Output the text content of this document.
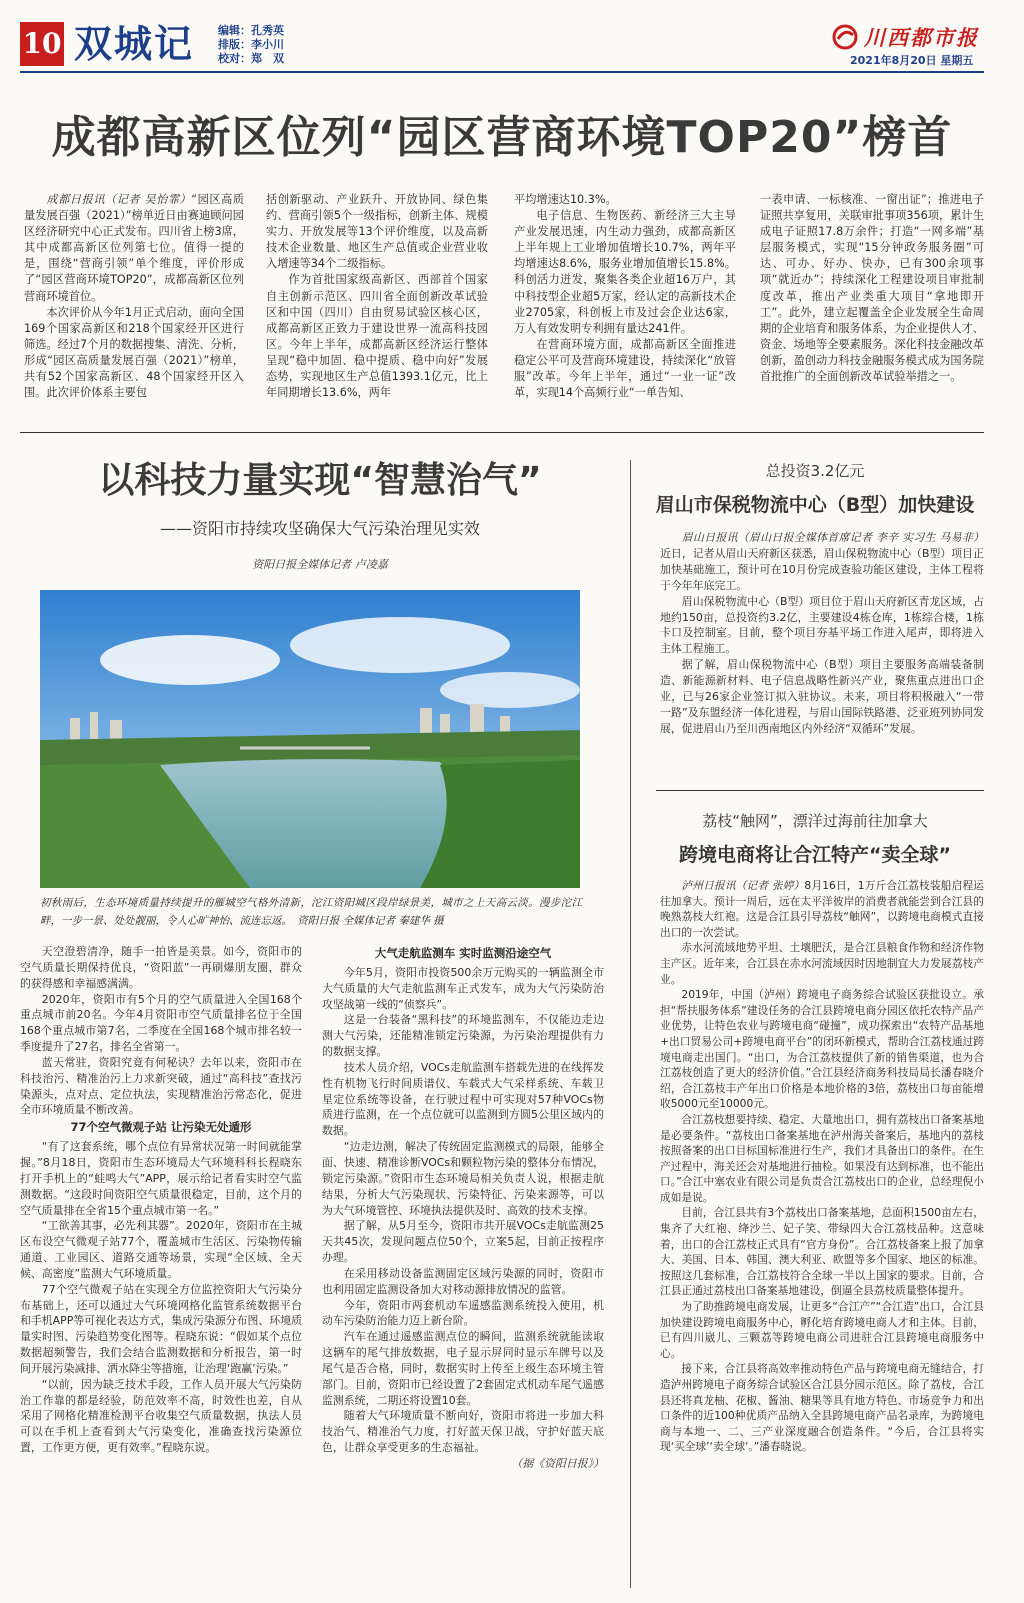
10 双城记 编辑：孔秀英
排版：李小川
校对：郑　双
川西都市报
2021年8月20日 星期五
成都高新区位列“园区营商环境TOP20”榜首

成都日报讯（记者 吴怡霏）“园区高质量发展百强（2021）”榜单近日由赛迪顾问园区经济研究中心正式发布。四川省上榜3席，其中成都高新区位列第七位。值得一提的是，围绕“营商引领”单个维度，评价形成了“园区营商环境TOP20”，成都高新区位列营商环境首位。

本次评价从今年1月正式启动，面向全国169个国家高新区和218个国家经开区进行筛选。经过7个月的数据搜集、清洗、分析，形成“园区高质量发展百强（2021）”榜单，共有52个国家高新区、48个国家经开区入围。此次评价体系主要包

括创新驱动、产业跃升、开放协同、绿色集约、营商引领5个一级指标，创新主体、规模实力、开放发展等13个评价维度，以及高新技术企业数量、地区生产总值或企业营业收入增速等34个二级指标。

作为首批国家级高新区、西部首个国家自主创新示范区、四川省全面创新改革试验区和中国（四川）自由贸易试验区核心区，成都高新区正致力于建设世界一流高科技园区。今年上半年，成都高新区经济运行整体呈现“稳中加固、稳中提质、稳中向好”发展态势，实现地区生产总值1393.1亿元，比上年同期增长13.6%，两年

平均增速达10.3%。

电子信息、生物医药、新经济三大主导产业发展迅速，内生动力强劲，成都高新区上半年规上工业增加值增长10.7%，两年平均增速达8.6%，服务业增加值增长15.8%。科创活力迸发，聚集各类企业超16万户，其中科技型企业超5万家，经认定的高新技术企业2705家，科创板上市及过会企业达6家，万人有效发明专利拥有量达241件。

在营商环境方面，成都高新区全面推进稳定公平可及营商环境建设，持续深化“放管服”改革。今年上半年，通过“一业一证”改革，实现14个高频行业“一单告知、

一表申请、一标核准、一窗出证”；推进电子证照共享复用，关联审批事项356项，累计生成电子证照17.8万余件；打造“一网多端”基层服务模式，实现“15分钟政务服务圈”可达、可办、好办、快办，已有300余项事项“就近办”；持续深化工程建设项目审批制度改革，推出产业类重大项目“拿地即开工”。此外，建立起覆盖全企业发展全生命周期的企业培育和服务体系，为企业提供人才、资金、场地等全要素服务。深化科技金融改革创新，盈创动力科技金融服务模式成为国务院首批推广的全面创新改革试验举措之一。

以科技力量实现“智慧治气”
——资阳市持续攻坚确保大气污染治理见实效
资阳日报全媒体记者 卢凌嘉
初秋雨后，生态环境质量持续提升的雁城空气格外清新，沱江资阳城区段岸绿景美，城市之上天高云淡。漫步沱江畔，一步一景、处处靓丽，令人心旷神怡、流连忘返。　资阳日报 全媒体记者 秦建华 摄

天空澄碧清净，随手一拍皆是美景。如今，资阳市的空气质量长期保持优良，“资阳蓝”一再刷爆朋友圈，群众的获得感和幸福感满满。

2020年，资阳市有5个月的空气质量进入全国168个重点城市前20名。今年4月资阳市空气质量排名位于全国168个重点城市第7名，二季度在全国168个城市排名较一季度提升了27名，排名全省第一。

蓝天常驻，资阳究竟有何秘诀？去年以来，资阳市在科技治污、精准治污上力求新突破，通过“高科技”查找污染源头，点对点、定位执法，实现精准治污常态化，促进全市环境质量不断改善。

77个空气微观子站 让污染无处遁形

“有了这套系统，哪个点位有异常状况第一时间就能掌握。”8月18日，资阳市生态环境局大气环境科科长程晓东打开手机上的“蛙鸣大气”APP，展示给记者看实时空气监测数据。“这段时间资阳空气质量很稳定，目前，这个月的空气质量排在全省15个重点城市第一名。”

“工欲善其事，必先利其器”。2020年，资阳市在主城区布设空气微观子站77个，覆盖城市生活区、污染物传输通道、工业园区、道路交通等场景，实现“全区域、全天候、高密度”监测大气环境质量。

77个空气微观子站在实现全方位监控资阳大气污染分布基础上，还可以通过大气环境网格化监管系统数据平台和手机APP等可视化表达方式，集成污染源分布图、环境质量实时图、污染趋势变化图等。程晓东说：“假如某个点位数据超频警告，我们会结合监测数据和分析报告，第一时间开展污染减排、洒水降尘等措施，让治理‘跑赢’污染。”

“以前，因为缺乏技术手段，工作人员开展大气污染防治工作靠的都是经验，防范效率不高，时效性也差，自从采用了网格化精准检测平台收集空气质量数据，执法人员可以在手机上查看到大气污染变化，准确查找污染源位置，工作更方便，更有效率。”程晓东说。

大气走航监测车 实时监测沿途空气

今年5月，资阳市投资500余万元购买的一辆监测全市大气质量的大气走航监测车正式发车，成为大气污染防治攻坚战第一线的“侦察兵”。

这是一台装备“黑科技”的环境监测车，不仅能边走边测大气污染，还能精准锁定污染源，为污染治理提供有力的数据支撑。

技术人员介绍，VOCs走航监测车搭载先进的在线挥发性有机物飞行时间质谱仪、车载式大气采样系统、车载卫星定位系统等设备，在行驶过程中可实现对57种VOCs物质进行监测，在一个点位就可以监测到方圆5公里区域内的数据。

“边走边测，解决了传统固定监测模式的局限，能够全面、快速、精准诊断VOCs和颗粒物污染的整体分布情况，锁定污染源。”资阳市生态环境局相关负责人说，根据走航结果，分析大气污染现状、污染特征、污染来源等，可以为大气环境管控、环境执法提供及时、高效的技术支撑。

据了解，从5月至今，资阳市共开展VOCs走航监测25天共45次，发现问题点位50个，立案5起，目前正按程序办理。

在采用移动设备监测固定区域污染源的同时，资阳市也利用固定监测设备加大对移动源排放情况的监管。

今年，资阳市两套机动车遥感监测系统投入使用，机动车污染防治能力迈上新台阶。

汽车在通过遥感监测点位的瞬间，监测系统就能读取这辆车的尾气排放数据，电子显示屏同时显示车牌号以及尾气是否合格，同时，数据实时上传至上级生态环境主管部门。目前，资阳市已经设置了2套固定式机动车尾气遥感监测系统，二期还将设置10套。

随着大气环境质量不断向好，资阳市将进一步加大科技治气、精准治气力度，打好蓝天保卫战，守护好蓝天底色，让群众享受更多的生态福祉。

（据《资阳日报》）

总投资3.2亿元
眉山市保税物流中心（B型）加快建设

眉山日报讯（眉山日报全媒体首席记者 李辛 实习生 马易非）近日，记者从眉山天府新区获悉，眉山保税物流中心（B型）项目正加快基础施工，预计可在10月份完成查验功能区建设，主体工程将于今年年底完工。

眉山保税物流中心（B型）项目位于眉山天府新区青龙区域，占地约150亩，总投资约3.2亿，主要建设4栋仓库，1栋综合楼，1栋卡口及控制室。目前，整个项目夯基平场工作进入尾声，即将进入主体工程施工。

据了解，眉山保税物流中心（B型）项目主要服务高端装备制造、新能源新材料、电子信息战略性新兴产业，聚焦重点进出口企业，已与26家企业签订拟入驻协议。未来，项目将积极融入“一带一路”及东盟经济一体化进程，与眉山国际铁路港、泛亚班列协同发展，促进眉山乃至川西南地区内外经济“双循环”发展。

荔枝“触网”，漂洋过海前往加拿大
跨境电商将让合江特产“卖全球”

泸州日报讯（记者 张婷）8月16日，1万斤合江荔枝装船启程运往加拿大。预计一周后，远在太平洋彼岸的消费者就能尝到合江县的晚熟荔枝大红袍。这是合江县引导荔枝“触网”，以跨境电商模式直接出口的一次尝试。

赤水河流域地势平坦、土壤肥沃，是合江县粮食作物和经济作物主产区。近年来，合江县在赤水河流域因时因地制宜大力发展荔枝产业。

2019年，中国（泸州）跨境电子商务综合试验区获批设立。承担“帮扶服务体系”建设任务的合江县跨境电商分园区依托农特产品产业优势，让特色农业与跨境电商“碰撞”，成功探索出“农特产品基地+出口贸易公司+跨境电商平台”的闭环新模式，帮助合江荔枝通过跨境电商走出国门。“出口，为合江荔枝提供了新的销售渠道，也为合江荔枝创造了更大的经济价值。”合江县经济商务科技局局长潘春晓介绍，合江荔枝丰产年出口价格是本地价格的3倍，荔枝出口每亩能增收5000元至10000元。

合江荔枝想要持续、稳定、大量地出口，拥有荔枝出口备案基地是必要条件。“荔枝出口备案基地在泸州海关备案后，基地内的荔枝按照备案的出口目标国标准进行生产，我们才具备出口的条件。在生产过程中，海关还会对基地进行抽检。如果没有达到标准，也不能出口。”合江中塞农业有限公司是负责合江荔枝出口的企业，总经理倪小成如是说。

目前，合江县共有3个荔枝出口备案基地，总面积1500亩左右，集齐了大红袍、绛沙兰、妃子笑、带绿四大合江荔枝品种。这意味着，出口的合江荔枝正式具有“官方身份”。合江荔枝备案上报了加拿大、美国、日本、韩国、澳大利亚、欧盟等多个国家、地区的标准。按照这几套标准，合江荔枝符合全球一半以上国家的要求。目前，合江县正通过荔枝出口备案基地建设，倒逼全县荔枝质量整体提升。

为了助推跨境电商发展，让更多“合江产”“合江造”出口，合江县加快建设跨境电商服务中心，孵化培育跨境电商人才和主体。目前，已有四川崴儿、三颗荔等跨境电商公司进驻合江县跨境电商服务中心。

接下来，合江县将高效率推动特色产品与跨境电商无缝结合，打造泸州跨境电子商务综合试验区合江县分园示范区。除了荔枝，合江县还将真龙柚、花椒、酱油、糖果等具有地方特色、市场竞争力和出口条件的近100种优质产品纳入全县跨境电商产品名录库，为跨境电商与本地一、二、三产业深度融合创造条件。“今后，合江县将实现‘买全球’‘卖全球’。”潘春晓说。
